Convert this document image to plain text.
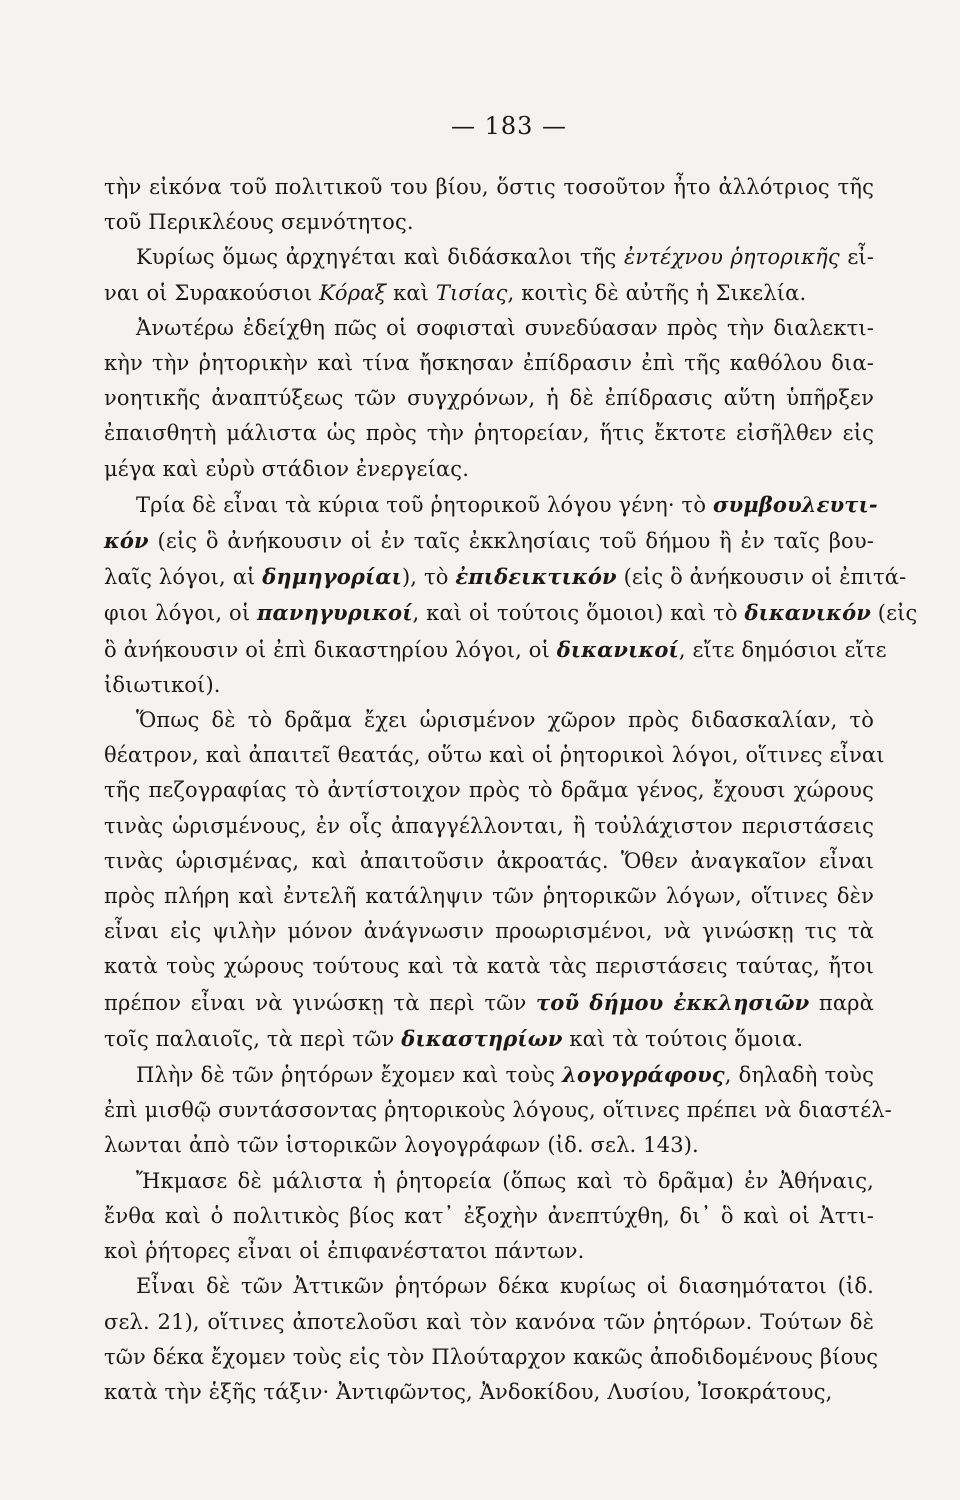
— 183 —
τὴν εἰκόνα τοῦ πολιτικοῦ του βίου, ὅστις τοσοῦτον ἦτο ἀλλότριος τῆς
τοῦ Περικλέους σεμνότητος.
Κυρίως ὅμως ἀρχηγέται καὶ διδάσκαλοι τῆς ἐντέχνου ῥητορικῆς εἶ-
ναι οἱ Συρακούσιοι Κόραξ καὶ Τισίας, κοιτὶς δὲ αὐτῆς ἡ Σικελία.
Ἀνωτέρω ἐδείχθη πῶς οἱ σοφισταὶ συνεδύασαν πρὸς τὴν διαλεκτι-
κὴν τὴν ῥητορικὴν καὶ τίνα ἤσκησαν ἐπίδρασιν ἐπὶ τῆς καθόλου δια-
νοητικῆς ἀναπτύξεως τῶν συγχρόνων, ἡ δὲ ἐπίδρασις αὕτη ὑπῆρξεν
ἐπαισθητὴ μάλιστα ὡς πρὸς τὴν ῥητορείαν, ἥτις ἔκτοτε εἰσῆλθεν εἰς
μέγα καὶ εὐρὺ στάδιον ἐνεργείας.
Τρία δὲ εἶναι τὰ κύρια τοῦ ῥητορικοῦ λόγου γένη· τὸ συμβουλευτι-
κόν (εἰς ὃ ἀνήκουσιν οἱ ἐν ταῖς ἐκκλησίαις τοῦ δήμου ἢ ἐν ταῖς βου-
λαῖς λόγοι, αἱ δημηγορίαι), τὸ ἐπιδεικτικόν (εἰς ὃ ἀνήκουσιν οἱ ἐπιτά-
φιοι λόγοι, οἱ πανηγυρικοί, καὶ οἱ τούτοις ὅμοιοι) καὶ τὸ δικανικόν (εἰς
ὃ ἀνήκουσιν οἱ ἐπὶ δικαστηρίου λόγοι, οἱ δικανικοί, εἴτε δημόσιοι εἴτε
ἰδιωτικοί).
Ὅπως δὲ τὸ δρᾶμα ἔχει ὡρισμένον χῶρον πρὸς διδασκαλίαν, τὸ
θέατρον, καὶ ἀπαιτεῖ θεατάς, οὕτω καὶ οἱ ῥητορικοὶ λόγοι, οἵτινες εἶναι
τῆς πεζογραφίας τὸ ἀντίστοιχον πρὸς τὸ δρᾶμα γένος, ἔχουσι χώρους
τινὰς ὡρισμένους, ἐν οἷς ἀπαγγέλλονται, ἢ τοὐλάχιστον περιστάσεις
τινὰς ὡρισμένας, καὶ ἀπαιτοῦσιν ἀκροατάς. Ὅθεν ἀναγκαῖον εἶναι
πρὸς πλήρη καὶ ἐντελῆ κατάληψιν τῶν ῥητορικῶν λόγων, οἵτινες δὲν
εἶναι εἰς ψιλὴν μόνον ἀνάγνωσιν προωρισμένοι, νὰ γινώσκῃ τις τὰ
κατὰ τοὺς χώρους τούτους καὶ τὰ κατὰ τὰς περιστάσεις ταύτας, ἤτοι
πρέπον εἶναι νὰ γινώσκῃ τὰ περὶ τῶν τοῦ δήμου ἐκκλησιῶν παρὰ
τοῖς παλαιοῖς, τὰ περὶ τῶν δικαστηρίων καὶ τὰ τούτοις ὅμοια.
Πλὴν δὲ τῶν ῥητόρων ἔχομεν καὶ τοὺς λογογράφους, δηλαδὴ τοὺς
ἐπὶ μισθῷ συντάσσοντας ῥητορικοὺς λόγους, οἵτινες πρέπει νὰ διαστέλ-
λωνται ἀπὸ τῶν ἱστορικῶν λογογράφων (ἰδ. σελ. 143).
Ἤκμασε δὲ μάλιστα ἡ ῥητορεία (ὅπως καὶ τὸ δρᾶμα) ἐν Ἀθήναις,
ἔνθα καὶ ὁ πολιτικὸς βίος κατ᾽ ἐξοχὴν ἀνεπτύχθη, δι᾽ ὃ καὶ οἱ Ἀττι-
κοὶ ῥήτορες εἶναι οἱ ἐπιφανέστατοι πάντων.
Εἶναι δὲ τῶν Ἀττικῶν ῥητόρων δέκα κυρίως οἱ διασημότατοι (ἰδ.
σελ. 21), οἵτινες ἀποτελοῦσι καὶ τὸν κανόνα τῶν ῥητόρων. Τούτων δὲ
τῶν δέκα ἔχομεν τοὺς εἰς τὸν Πλούταρχον κακῶς ἀποδιδομένους βίους
κατὰ τὴν ἑξῆς τάξιν· Ἀντιφῶντος, Ἀνδοκίδου, Λυσίου, Ἰσοκράτους,
